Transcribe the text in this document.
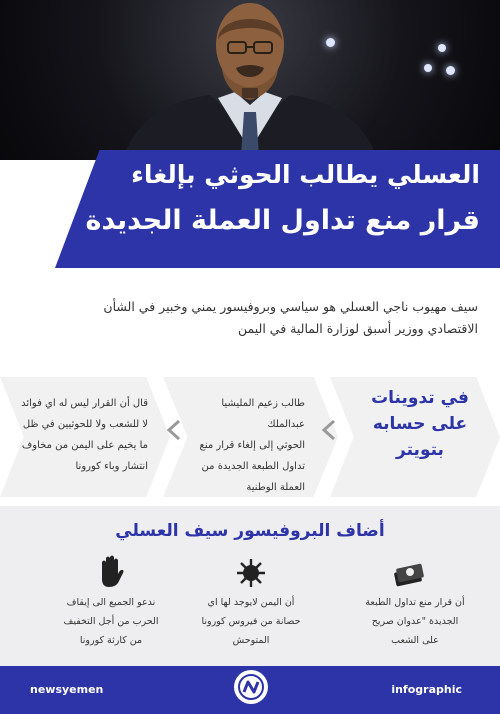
العسلي يطالب الحوثي بإلغاء
قرار منع تداول العملة الجديدة
سيف مهيوب ناجي العسلي هو سياسي وبروفيسور يمني وخبير في الشأن
الاقتصادي ووزير أسبق لوزارة المالية في اليمن
في تدوينات
على حسابه
بتويتر
طالب زعيم المليشيا عبدالملك
الحوثي إلى إلغاء قرار منع
تداول الطبعة الجديدة من
العملة الوطنية
قال أن القرار ليس له اي فوائد
لا للشعب ولا للحوثيين في ظل
ما يخيم على اليمن من مخاوف
انتشار وباء كورونا
أضاف البروفيسور سيف العسلي
أن قرار منع تداول الطبعة
الجديدة "عدوان صريح
على الشعب
أن اليمن لايوجد لها اي
حصانة من فيروس كورونا
المتوحش
ندعو الجميع الى إيقاف
الحرب من أجل التخفيف
من كارثة كورونا
newsyemen	infographic
